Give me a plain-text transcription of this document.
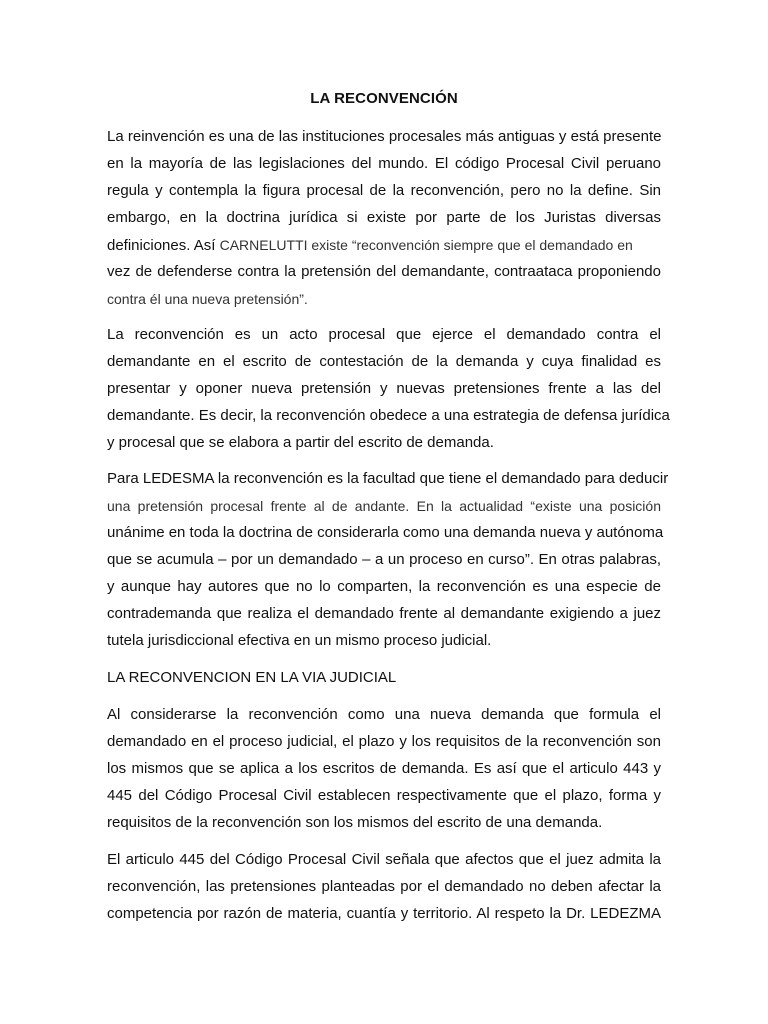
LA RECONVENCIÓN
La reinvención es una de las instituciones procesales más antiguas y está presente
en la mayoría de las legislaciones del mundo. El código Procesal Civil peruano
regula y contempla la figura procesal de la reconvención, pero no la define. Sin
embargo, en la doctrina jurídica si existe por parte de los Juristas diversas
definiciones. Así CARNELUTTI existe “reconvención siempre que el demandado en
vez de defenderse contra la pretensión del demandante, contraataca proponiendo
contra él una nueva pretensión”.
La reconvención es un acto procesal que ejerce el demandado contra el
demandante en el escrito de contestación de la demanda y cuya finalidad es
presentar y oponer nueva pretensión y nuevas pretensiones frente a las del
demandante. Es decir, la reconvención obedece a una estrategia de defensa jurídica
y procesal que se elabora a partir del escrito de demanda.
Para LEDESMA la reconvención es la facultad que tiene el demandado para deducir
una pretensión procesal frente al de andante. En la actualidad “existe una posición
unánime en toda la doctrina de considerarla como una demanda nueva y autónoma
que se acumula – por un demandado – a un proceso en curso”. En otras palabras,
y aunque hay autores que no lo comparten, la reconvención es una especie de
contrademanda que realiza el demandado frente al demandante exigiendo a juez
tutela jurisdiccional efectiva en un mismo proceso judicial.
LA RECONVENCION EN LA VIA JUDICIAL
Al considerarse la reconvención como una nueva demanda que formula el
demandado en el proceso judicial, el plazo y los requisitos de la reconvención son
los mismos que se aplica a los escritos de demanda. Es así que el articulo 443 y
445 del Código Procesal Civil establecen respectivamente que el plazo, forma y
requisitos de la reconvención son los mismos del escrito de una demanda.
El articulo 445 del Código Procesal Civil señala que afectos que el juez admita la
reconvención, las pretensiones planteadas por el demandado no deben afectar la
competencia por razón de materia, cuantía y territorio. Al respeto la Dr. LEDEZMA
